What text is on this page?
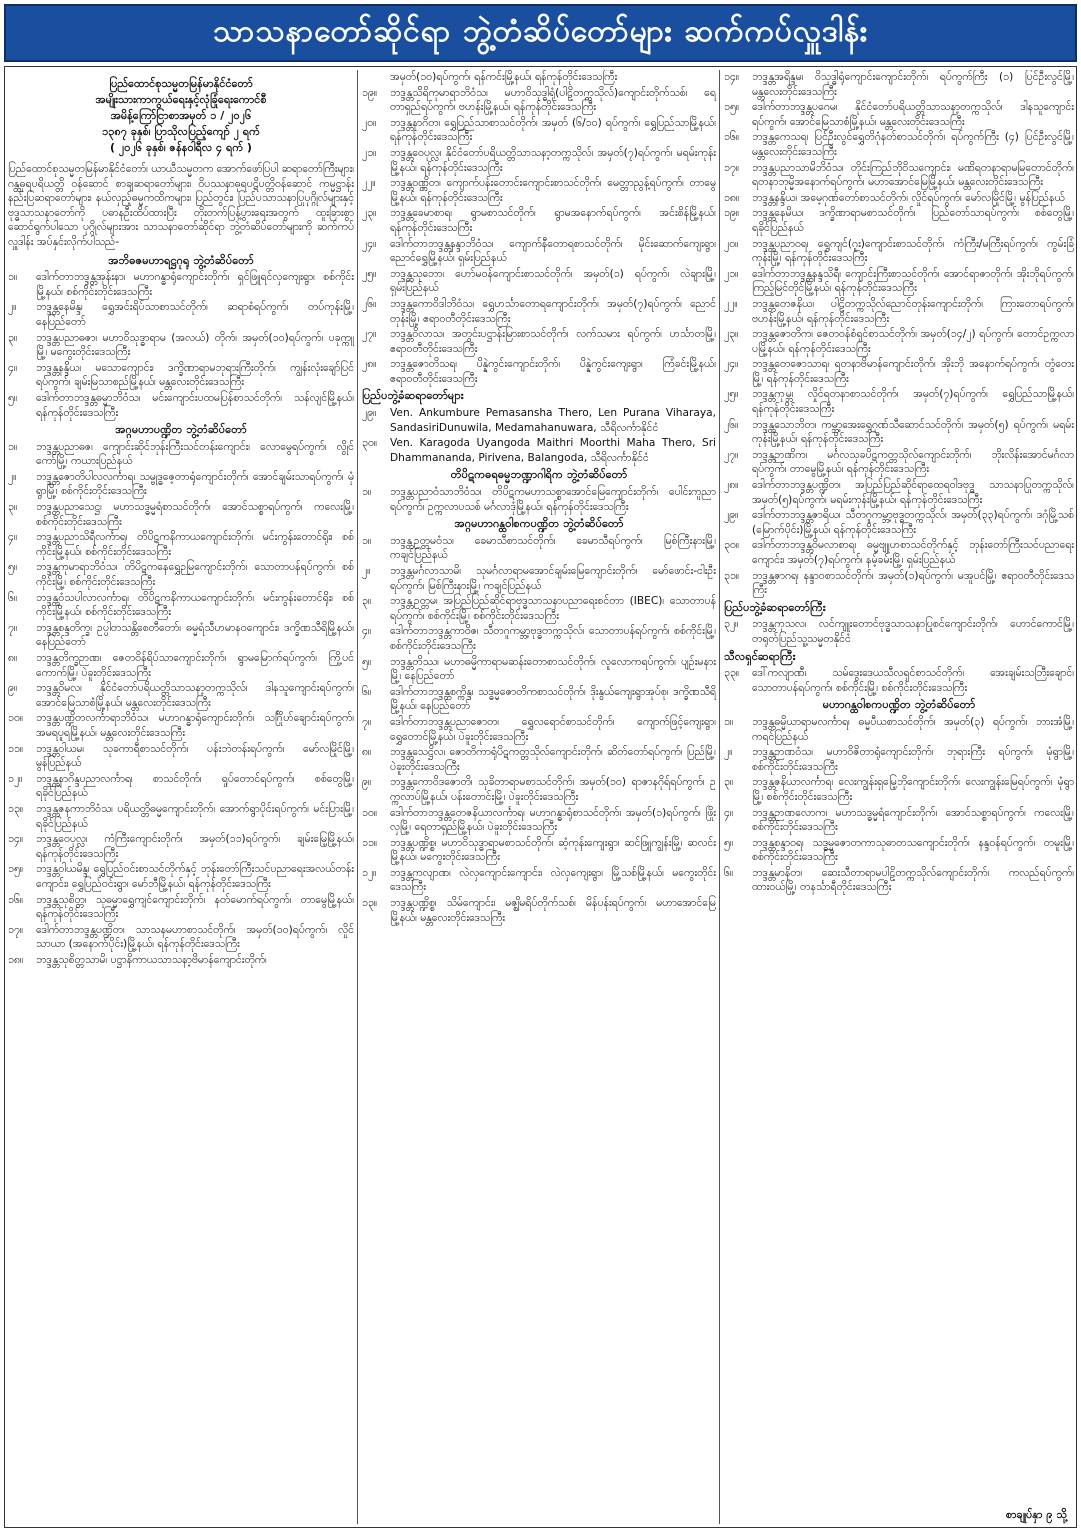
သာသနာတော်ဆိုင်ရာ ဘွဲ့တံဆိပ်တော်များ ဆက်ကပ်လှူဒါန်း
ပြည်ထောင်စုသမ္မတမြန်မာနိုင်ငံတော်
အမျိုးသားကာကွယ်ရေးနှင့်လုံခြုံရေးကောင်စီ
အမိန့်ကြော်ငြာစာအမှတ် ၁ / ၂၀၂၆
၁၃၈၇ ခုနှစ်၊ ပြာသိုလပြည့်ကျော် ၂ ရက်
( ၂၀၂၆ ခုနှစ်၊ ဇန်နဝါရီလ ၄ ရက် )
ပြည်ထောင်စုသမ္မတမြန်မာနိုင်ငံတော်၊ ယာယီသမ္မတက အောက်ဖော်ပြပါ ဆရာတော်ကြီးများ၊ ဂန္ထဓုရပရိယတ္တိ ဝန်ဆောင် စာချဆရာတော်များ၊ ဝိပဿနာဓုရပဋိပတ္တိဝန်ဆောင် ကမ္မဋ္ဌာန်း နည်းပြဆရာတော်များ၊ နယ်လှည့်ဓမ္မကထိကများ၊ ပြည်တွင်း၊ ပြည်ပသာသနာပြုပုဂ္ဂိုလ်များနှင့်ဗုဒ္ဓသာသနာတော်ကို ပဓာနဦးထိပ်ထားပြီး တိုးတက်ပြန့်ပွားရေးအတွက် ထူးခြားစွာ ဆောင်ရွက်ပါသော ပုဂ္ဂိုလ်များအား သာသနာတော်ဆိုင်ရာ ဘွဲ့တံဆိပ်တော်များကို ဆက်ကပ်လှူဒါန်း အပ်နှင်းလိုက်ပါသည်-
အဘိဓဇမဟာရဋ္ဌဂုရု ဘွဲ့တံဆိပ်တော်
၁။	ဒေါက်တာဘဒ္ဒန္တအုန်းနာ၊ မဟာဂန္ဓာရုံကျောင်းတိုက်၊ ရှင်ဖြူရင်လှကျေးရွာ၊ စစ်ကိုင်းမြို့နယ်၊ စစ်ကိုင်းတိုင်းဒေသကြီး
၂။	ဘဒ္ဒန္တနေမိန္ဒ၊ ရွှေအင်းရိပ်သာစာသင်တိုက်၊ ဆရာစံရပ်ကွက်၊ တပ်ကုန်းမြို့၊ နေပြည်တော်
၃။	ဘဒ္ဒန္တပညာဓဇာ၊ မဟာဝိသုဒ္ဓာရာမ (အလယ်) တိုက်၊ အမှတ်(၁၀)ရပ်ကွက်၊ ပခုက္ကူမြို့၊ မကွေးတိုင်းဒေသကြီး
၄။	ဘဒ္ဒန္တနန္ဒိယ၊ မသောကျောင်း၊ ဒက္ခိဏာရာမဘုရားကြီးတိုက်၊ ကျွန်းလုံးချော်ပြင်ရပ်ကွက်၊ ချမ်းမြသာစည်မြို့နယ်၊ မန္တလေးတိုင်းဒေသကြီး
၅။	ဒေါက်တာဘဒ္ဒန္တဓမ္မာဘိဝံသ၊ မင်းကျောင်းပထမပြန်စာသင်တိုက်၊ သန်လျင်မြို့နယ်၊ ရန်ကုန်တိုင်းဒေသကြီး
အဂ္ဂမဟာပဏ္ဍိတ ဘွဲ့တံဆိပ်တော်
၁။	ဘဒ္ဒန္တပညာဓဇ၊ ကျောင်းဆိုင်ဘုန်းကြီးသင်တန်းကျောင်း၊ လောမွေရပ်ကွက်၊ လွိုင်ကော်မြို့၊ ကယားပြည်နယ်
၂။	ဘဒ္ဒန္တဇောတိပါလလင်္ကာရ၊ သမ္ဗုဒ္ဓဇေ့တာရုံကျောင်းတိုက်၊ အောင်ချမ်းသာရပ်ကွက်၊ မုံရွာမြို့၊ စစ်ကိုင်းတိုင်းဒေသကြီး
၃။	ဘဒ္ဒန္တပညာသေဋ္ဌ၊ မဟာသဒ္ဓမ္မရံစာသင်တိုက်၊ အောင်သစ္စာရပ်ကွက်၊ ကလေးမြို့၊ စစ်ကိုင်းတိုင်းဒေသကြီး
၄။	ဘဒ္ဒန္တပညာသိရီလင်္ကာရ၊ တိပိဋကနိကာယကျောင်းတိုက်၊ မင်းကွန်းတောင်ရိုး၊ စစ်ကိုင်းမြို့နယ်၊ စစ်ကိုင်းတိုင်းဒေသကြီး
၅။	ဘဒ္ဒန္တကုမာရာဘိဝံသ၊ တိပိဋကနေရွှေဉမြကျောင်းတိုက်၊ သောတာပန်ရပ်ကွက်၊ စစ်ကိုင်းမြို့၊ စစ်ကိုင်းတိုင်းဒေသကြီး
၆။	ဘဒ္ဒန္တဝံသပါလာလင်္ကာရ၊ တိပိဋကနိကာယကျောင်းတိုက်၊ မင်းကွန်းတောင်ရိုး၊ စစ်ကိုင်းမြို့နယ်၊ စစ်ကိုင်းတိုင်းဒေသကြီး
၇။	ဘဒ္ဒန္တစန္ဒတိက္ခ၊ ဥပ္ပါတသန္တိစေတီတော်၊ ဓမ္မရံသီဟမာနဝကျောင်း၊ ဒက္ခိဏသီရိမြို့နယ်၊ နေပြည်တော်
၈။	ဘဒ္ဒန္တတိက္ခဉာဏ၊ ဇေတဝိန်ရိပ်သာကျောင်းတိုက်၊ ရွာမမြောက်ရပ်ကွက်၊ ကြို့ပင်ကောက်မြို့၊ ပဲခူးတိုင်းဒေသကြီး
၉။	ဘဒ္ဒန္တဝိမလ၊ နိုင်ငံတော်ပရိယတ္တိသာသနာ့တက္ကသိုလ်၊ ဒါနသူကျောင်းရပ်ကွက်၊ အောင်မြေသာစံမြို့နယ်၊ မန္တလေးတိုင်းဒေသကြီး
၁၀။	ဘဒ္ဒန္တပဏ္ဍိတလင်္ကာရာဘိဝံသ၊ မဟာဂန္ဓာရုံကျောင်းတိုက်၊ သင်္ဂြိုဟ်ချောင်းရပ်ကွက်၊ အမရပူရမြို့နယ်၊ မန္တလေးတိုင်းဒေသကြီး
၁၁။	ဘဒ္ဒန္တဝါယမ၊ သုခကာရီစာသင်တိုက်၊ ပန်းဘဲတန်းရပ်ကွက်၊ မော်လမြိုင်မြို့၊ မွန်ပြည်နယ်
၁၂။	ဘဒ္ဒန္တနာဂိန္ဒပညာလင်္ကာရ၊ စာသင်တိုက်၊ ရှုပ်တောင်ရပ်ကွက်၊ စစ်တွေမြို့၊ ရခိုင်ပြည်နယ်
၁၃။	ဘဒ္ဒန္တဇနကာဘိဝံသ၊ ပရိယတ္တိဓမ္မကျောင်းတိုက်၊ အောက်ရွာပိုင်းရပ်ကွက်၊ မင်းပြားမြို့၊ ရခိုင်ပြည်နယ်
၁၄။	ဘဒ္ဒန္တဝေပုလ္လ၊ ကံကြီးကျောင်းတိုက်၊ အမှတ်(၁၁)ရပ်ကွက်၊ ချမ်းမြေ့မြို့နယ်၊ ရန်ကုန်တိုင်းဒေသကြီး
၁၅။	ဘဒ္ဒန္တဝါယမိန္ဒ၊ ရွှေပြည်ဝင်းစာသင်တိုက်နှင့် ဘုန်းတော်ကြီးသင်ပညာရေးအလယ်တန်းကျောင်း၊ ရွှေပြည်ဝင်းရွာ၊ မော်ဘီမြို့နယ်၊ ရန်ကုန်တိုင်းဒေသကြီး
၁၆။	ဘဒ္ဒန္တသုစိတ္တ၊ သုဓမ္မာရွှေကျင်ကျောင်းတိုက်၊ နတ်မောက်ရပ်ကွက်၊ တာမွေမြို့နယ်၊ ရန်ကုန်တိုင်းဒေသကြီး
၁၇။	ဒေါက်တာဘဒ္ဒန္တပဏ္ဍိတ၊ သာသနမဟာစာသင်တိုက်၊ အမှတ်(၁၀)ရပ်ကွက်၊ လှိုင်သာယာ (အနောက်ပိုင်း)မြို့နယ်၊ ရန်ကုန်တိုင်းဒေသကြီး
၁၈။	ဘဒ္ဒန္တသုစိတ္တသာမိ၊ ပဋ္ဌာနိကာယသာသနာ့ဗိမာန်ကျောင်းတိုက်၊
အမှတ်(၁၀)ရပ်ကွက်၊ ရန်ကင်းမြို့နယ်၊ ရန်ကုန်တိုင်းဒေသကြီး
၁၉။	ဘဒ္ဒန္တသိရိကုမာရာဘိဝံသ၊ မဟာဝိသုဒ္ဓါရုံ(ပါဠိတက္ကသိုလ်)ကျောင်းတိုက်သစ်၊ ရေတာရှည်ရပ်ကွက်၊ ဗဟန်းမြို့နယ်၊ ရန်ကုန်တိုင်းဒေသကြီး
၂၀။	ဘဒ္ဒန္တနာဂိတ၊ ရွှေပြည်သာစာသင်တိုက်၊ အမှတ် (၆/၁၀) ရပ်ကွက်၊ ရွှေပြည်သာမြို့နယ်၊ ရန်ကုန်တိုင်းဒေသကြီး
၂၁။	ဘဒ္ဒန္တဝေပုလ္လ၊ နိုင်ငံတော်ပရိယတ္တိသာသနာ့တက္ကသိုလ်၊ အမှတ်(၇)ရပ်ကွက်၊ မရမ်းကုန်းမြို့နယ်၊ ရန်ကုန်တိုင်းဒေသကြီး
၂၂။	ဘဒ္ဒန္တဝဏ္ဏိတ၊ ကျောက်ပန်းတောင်းကျောင်းစာသင်တိုက်၊ မေတ္တာညွန့်ရပ်ကွက်၊ တာမွေမြို့နယ်၊ ရန်ကုန်တိုင်းဒေသကြီး
၂၃။	ဘဒ္ဒန္တခေမာစာရ၊ ရွာမစာသင်တိုက်၊ ရွာမအနောက်ရပ်ကွက်၊ အင်းစိန်မြို့နယ်၊ ရန်ကုန်တိုင်းဒေသကြီး
၂၄။	ဒေါက်တာဘဒ္ဒန္တနန္ဒာဘိဝံသ၊ ကျောက်နီတောရစာသင်တိုက်၊ မိုင်းဆောက်ကျေးရွာ၊ ညောင်ရွှေမြို့နယ်၊ ရှမ်းပြည်နယ်
၂၅။	ဘဒ္ဒန္တသုဘော၊ ဟော်မဝန်ကျောင်းစာသင်တိုက်၊ အမှတ်(၁) ရပ်ကွက်၊ လဲချားမြို့၊ ရှမ်းပြည်နယ်
၂၆။	ဘဒ္ဒန္တကောဝိဒါဘိဝံသ၊ ရွှေဟင်္သာတောရကျောင်းတိုက်၊ အမှတ်(၇)ရပ်ကွက်၊ ညောင်တုန်းမြို့၊ ဧရာဝတီတိုင်းဒေသကြီး
၂၇။	ဘဒ္ဒန္တဝိလာသ၊ အတွင်းပဋ္ဌာန်းမြားစာသင်တိုက်၊ လက်သမား ရပ်ကွက်၊ ဟင်္သာတမြို့၊ ဧရာဝတီတိုင်းဒေသကြီး
၂၈။	ဘဒ္ဒန္တဇောတိသရ၊ ပိန္နဲကွင်းကျောင်းတိုက်၊ ပိန္နဲကွင်းကျေးရွာ၊ ကြံခင်းမြို့နယ်၊ ဧရာဝတီတိုင်းဒေသကြီး
ပြည်ပဘွဲ့ခံဆရာတော်များ
၂၉။	Ven. Ankumbure Pemasansha Thero, Len Purana Viharaya, SandasiriDunuwila, Medamahanuwara, သီရိလင်္ကာနိုင်ငံ
၃၀။	Ven. Karagoda Uyangoda Maithri Moorthi Maha Thero, Sri Dhammananda, Pirivena, Balangoda, သီရိလင်္ကာနိုင်ငံ
တိပိဋကဓရဓမ္မဘဏ္ဍာဂါရိက ဘွဲ့တံဆိပ်တော်
၁။	ဘဒ္ဒန္တပညာဝံသာဘိဝံသ၊ တိပိဋကမဟာသစ္စာအောင်မြေကျောင်းတိုက်၊ ပေါင်းကူညာရပ်ကွက်၊ ဥက္ကလာပသစ် မင်္ဂလာဒုံမြို့နယ်၊ ရန်ကုန်တိုင်းဒေသကြီး
အဂ္ဂမဟာဂန္ထဝါစကပဏ္ဍိတ ဘွဲ့တံဆိပ်တော်
၁။	ဘဒ္ဒန္တဥတ္တမဝံသ၊ ခေမာသီစာသင်တိုက်၊ ခေမာသီရပ်ကွက်၊ မြစ်ကြီးနားမြို့၊ ကချင်ပြည်နယ်
၂။	ဘဒ္ဒန္တမင်္ဂလာသာမိ၊ သုမင်္ဂလာရာမအောင်ချမ်းမြေကျောင်းတိုက်၊ မော်ဖောင်း-ငါးဦးရပ်ကွက်၊ မြစ်ကြီးနားမြို့၊ ကချင်ပြည်နယ်
၃။	ဘဒ္ဒန္တဥတ္တမ၊ အပြည်ပြည်ဆိုင်ရာဗုဒ္ဓသာသနာပညာရေးစင်တာ (IBEC)၊ သောတာပန်ရပ်ကွက်၊ စစ်ကိုင်းမြို့၊ စစ်ကိုင်းတိုင်းဒေသကြီး
၄။	ဒေါက်တာဘဒ္ဒန္တကာဝိဇ၊ သီတဂူကမ္ဘာ့ဗုဒ္ဓတက္ကသိုလ်၊ သောတာပန်ရပ်ကွက်၊ စစ်ကိုင်းမြို့၊ စစ်ကိုင်းတိုင်းဒေသကြီး
၅။	ဘဒ္ဒန္တတိဿ၊ မဟာဓမ္မိကာရာမဆန်းတောစာသင်တိုက်၊ လူလောကရပ်ကွက်၊ ပျဉ်းမနားမြို့၊ နေပြည်တော်
၆။	ဒေါက်တာဘဒ္ဒန္တစက္ကိန္ဒ၊ သဒ္ဓမ္မဇောတိကစာသင်တိုက်၊ ဒိုးနွယ်ကျေးရွာအုပ်စု၊ ဒက္ခိဏသီရိမြို့နယ်၊ နေပြည်တော်
၇။	ဒေါက်တာဘဒ္ဒန္တပညာဇောတ၊ ရွှေလရောင်စာသင်တိုက်၊ ကျောက်ဖြင့်ကျေးရွာ၊ ရွှေတောင်မြို့နယ်၊ ပဲခူးတိုင်းဒေသကြီး
၈။	ဘဒ္ဒန္တသေဋ္ဌိလ၊ ဇောတိကာရုံပိဋကတ္တသိုလ်ကျောင်းတိုက်၊ ဆိတ်တော်ရပ်ကွက်၊ ပြည်မြို့၊ ပဲခူးတိုင်းဒေသကြီး
၉။	ဘဒ္ဒန္တကောဝိဒဇောတိ၊ သုခိတာရာမစာသင်တိုက်၊ အမှတ်(၁၀) ရာဇာနဂိုရ်ရပ်ကွက်၊ ဥက္ကလာပ်မြို့နယ်၊ ပန်းတောင်းမြို့၊ ပဲခူးတိုင်းဒေသကြီး
၁၀။	ဒေါက်တာဘဒ္ဒန္တတေဇနိယာလင်္ကာရ၊ မဟာဂန္ဓာရုံစာသင်တိုက်၊ အမှတ်(၁)ရပ်ကွက်၊ ဖြိုးလှမြို့၊ ရေတာရှည်မြို့နယ်၊ ပဲခူးတိုင်းဒေသကြီး
၁၁။	ဘဒ္ဒန္တပဏ္ဍိစ္စ၊ မဟာဝိသုဒ္ဓာရာမစာသင်တိုက်၊ ဆံ့ကုန်းကျေးရွာ၊ ဆင်ဖြူကျွန်းမြို့၊ ဆလင်းမြို့နယ်၊ မကွေးတိုင်းဒေသကြီး
၁၂။	ဘဒ္ဒန္တကလျာဏ၊ လဲလှကျောင်းကျောင်း၊ လဲလှကျေးရွာ၊ မြို့သစ်မြို့နယ်၊ မကွေးတိုင်းဒေသကြီး
၁၃။	ဘဒ္ဒန္တပဏ္ဍိစ္စ၊ သိမ်ကျောင်း၊ မဇ္ဈိမရိပ်တိုက်သစ်၊ မိန်ပန်းရပ်ကွက်၊ မဟာအောင်မြေမြို့နယ်၊ မန္တလေးတိုင်းဒေသကြီး
၁၄။	ဘဒ္ဒန္တအရိန္ဒမ၊ ဝိသုဒ္ဓါရုံကျောင်းကျောင်းတိုက်၊ ရပ်ကွက်ကြီး (၁) ပြင်ဦးလွင်မြို့၊ မန္တလေးတိုင်းဒေသကြီး
၁၅။	ဒေါက်တာဘဒ္ဒန္တပဂေမ၊ နိုင်ငံတော်ပရိယတ္တိသာသနာ့တက္ကသိုလ်၊ ဒါနသူကျောင်းရပ်ကွက်၊ အောင်မြေသာစံမြို့နယ်၊ မန္တလေးတိုင်းဒေသကြီး
၁၆။	ဘဒ္ဒန္တကေသရ၊ ပြင်ဦးလွင်ရွှေတိဂုံနတ်စာသင်တိုက်၊ ရပ်ကွက်ကြီး (၄) ပြင်ဦးလွင်မြို့၊ မန္တလေးတိုင်းဒေသကြီး
၁၇။	ဘဒ္ဒန္တပညာသာမိဘိဝံသ၊ တိုင်းကြည်ဘိုဝိသကျောင်း၊ မဏိရတနာရာမမြတောင်တိုက်၊ ရတနာဘုမ္မိအနောက်ရပ်ကွက်၊ မဟာအောင်မြေမြို့နယ်၊ မန္တလေးတိုင်းဒေသကြီး
၁၈။	ဘဒ္ဒန္တနန္ဒိယ၊ အမေ့ဂုဏ်တော်စာသင်တိုက်၊ လှိုင်ရပ်ကွက်၊ မော်လမြိုင်မြို့၊ မွန်ပြည်နယ်
၁၉။	ဘဒ္ဒန္တနေမိယ၊ ဒက္ခိဏာရာမစာသင်တိုက်၊ ပြည်တော်သာရပ်ကွက်၊ စစ်တွေမြို့၊ ရခိုင်ပြည်နယ်
၂၀။	ဘဒ္ဒန္တပညာဝရ၊ ရွှေကျင်(ဂူး)ကျောင်းစာသင်တိုက်၊ ကံကြီး/မကြီးရပ်ကွက်၊ ကွမ်းခြံကုန်းမြို့၊ ရန်ကုန်တိုင်းဒေသကြီး
၂၁။	ဒေါက်တာဘဒ္ဒန္တနန္ဒသိရီ၊ ကျောင်းကြီးစာသင်တိုက်၊ အောင်ရာဇာတိုက်၊ အိုးဘိုရပ်ကွက်၊ ကြည့်မြင်တိုင်မြို့နယ်၊ ရန်ကုန်တိုင်းဒေသကြီး
၂၂။	ဘဒ္ဒန္တတေဇနိယ၊ ပါဠိတက္ကသိုလ်ညောင်တုန်းကျောင်းတိုက်၊ ကြားတောရပ်ကွက်၊ ဗဟန်းမြို့နယ်၊ ရန်ကုန်တိုင်းဒေသကြီး
၂၃။	ဘဒ္ဒန္တဇောတိက၊ ဇေတဝန်စံရှင်စာသင်တိုက်၊ အမှတ်(၁၄/၂) ရပ်ကွက်၊ တောင်ဥက္ကလာပမြို့နယ်၊ ရန်ကုန်တိုင်းဒေသကြီး
၂၄။	ဘဒ္ဒန္တတေဇောသာရ၊ ရတနာဗိမာန်ကျောင်းတိုက်၊ အိုးဘို အနောက်ရပ်ကွက်၊ တွံတေးမြို့၊ ရန်ကုန်တိုင်းဒေသကြီး
၂၅။	ဘဒ္ဒန္တကုမ္ဘ၊ လှိုင်ရတနာစာသင်တိုက်၊ အမှတ်(၇)ရပ်ကွက်၊ ရွှေပြည်သာမြို့နယ်၊ ရန်ကုန်တိုင်းဒေသကြီး
၂၆။	ဘဒ္ဒန္တသောဘိတ၊ ကမ္ဘာ့အေးရွှေဂုဏ်သီဆောင်သင်တိုက်၊ အမှတ်(၅) ရပ်ကွက်၊ မရမ်းကုန်းမြို့နယ်၊ ရန်ကုန်တိုင်းဒေသကြီး
၂၇။	ဘဒ္ဒန္တဉာဏိက၊ မင်္ဂလသုခပိဋကတ္တသိုလ်ကျောင်းတိုက်၊ ဘိုးလိန်းအောင်မင်္ဂလာရပ်ကွက်၊ တာမွေမြို့နယ်၊ ရန်ကုန်တိုင်းဒေသကြီး
၂၈။	ဒေါက်တာဘဒ္ဒန္တပဏ္ဍိတ၊ အပြည်ပြည်ဆိုင်ရာထေရဝါဒဗုဒ္ဓ သာသနာပြုတက္ကသိုလ်၊ အမှတ်(၅)ရပ်ကွက်၊ မရမ်းကုန်းမြို့နယ်၊ ရန်ကုန်တိုင်းဒေသကြီး
၂၉။	ဒေါက်တာဘဒ္ဒန္တဇာရိယ၊ သီတဂူကမ္ဘာ့ဗုဒ္ဓတက္ကသိုလ်၊ အမှတ်(၃၃)ရပ်ကွက်၊ ဒဂုံမြို့သစ် (မြောက်ပိုင်း)မြို့နယ်၊ ရန်ကုန်တိုင်းဒေသကြီး
၃၀။	ဒေါက်တာဘဒ္ဒန္တဝိမလာစာရ၊ ဓမ္မဗျူဟစာသင်တိုက်နှင့် ဘုန်းတော်ကြီးသင်ပညာရေးကျောင်း၊ အမှတ်(၇)ရပ်ကွက်၊ နမ့်ခမ်းမြို့၊ ရှမ်းပြည်နယ်
၃၁။	ဘဒ္ဒန္တဇာဂရ၊ နန္ဒာဝစာသင်တိုက်၊ အမှတ်(၁)ရပ်ကွက်၊ မအူပင်မြို့၊ ဧရာဝတီတိုင်းဒေသကြီး
ပြည်ပဘွဲ့ခံဆရာတော်ကြီး
၃၂။	ဘဒ္ဒန္တကုသလ၊ လင်ကျူးတောင်ဗုဒ္ဓသာသနာပြုစင်ကျောင်းတိုက်၊ ဟောင်ကောင်မြို့၊ တရုတ်ပြည်သူ့သမ္မတနိုင်ငံ
သီလရှင်ဆရာကြီး
၃၃။	ဒေါ်ကလျာဏီ၊ သမ်ဒွေးဒေယသီလရှင်စာသင်တိုက်၊ အေးချမ်းသဘြီးချောင်၊ သောတာပန်ရပ်ကွက်၊ စစ်ကိုင်းမြို့၊ စစ်ကိုင်းတိုင်းဒေသကြီး
မဟာဂန္ထဝါစကပဏ္ဍိတ ဘွဲ့တံဆိပ်တော်
၁။	ဘဒ္ဒန္တဓမ္မိယာရာမလင်္ကာရ၊ ဓမ္မပီယစာသင်တိုက်၊ အမှတ်(၃) ရပ်ကွက်၊ ဘားအံမြို့၊ ကရင်ပြည်နယ်
၂။	ဘဒ္ဒန္တဉာဏဝံသ၊ မဟာဝိဇိတာရုံကျောင်းတိုက်၊ ဘုရားကြီး ရပ်ကွက်၊ မုံရွာမြို့၊ စစ်ကိုင်းတိုင်းဒေသကြီး
၃။	ဘဒ္ဒန္တဇနိယာလင်္ကာရ၊ လေးကျွန်းရှမြေ့ဘိုကျောင်းတိုက်၊ လေးကျွန်းမြေရပ်ကွက်၊ မုံရွာမြို့၊ စစ်ကိုင်းတိုင်းဒေသကြီး
၄။	ဘဒ္ဒန္တဉာဏလောက၊ မဟာသဒ္ဓမ္မရံကျောင်းတိုက်၊ အောင်သစ္စာရပ်ကွက်၊ ကလေးမြို့၊ စစ်ကိုင်းတိုင်းဒေသကြီး
၅။	ဘဒ္ဒန္တစန္ဒာဝရ၊ သဒ္ဓမ္မဇောတကာသုဓာဝာသကျောင်းတိုက်၊ နန္ဒဝန်ရပ်ကွက်၊ တမူးမြို့၊ စစ်ကိုင်းတိုင်းဒေသကြီး
၆။	ဘဒ္ဒန္တမာနိတ၊ ဆေးသီတာရာမပါဠိတက္ကသိုလ်ကျောင်းတိုက်၊ ကလည်ရပ်ကွက်၊ ထားဝယ်မြို့၊ တနင်္သာရီတိုင်းဒေသကြီး
စာချုပ်နှာ ၉ သို့
